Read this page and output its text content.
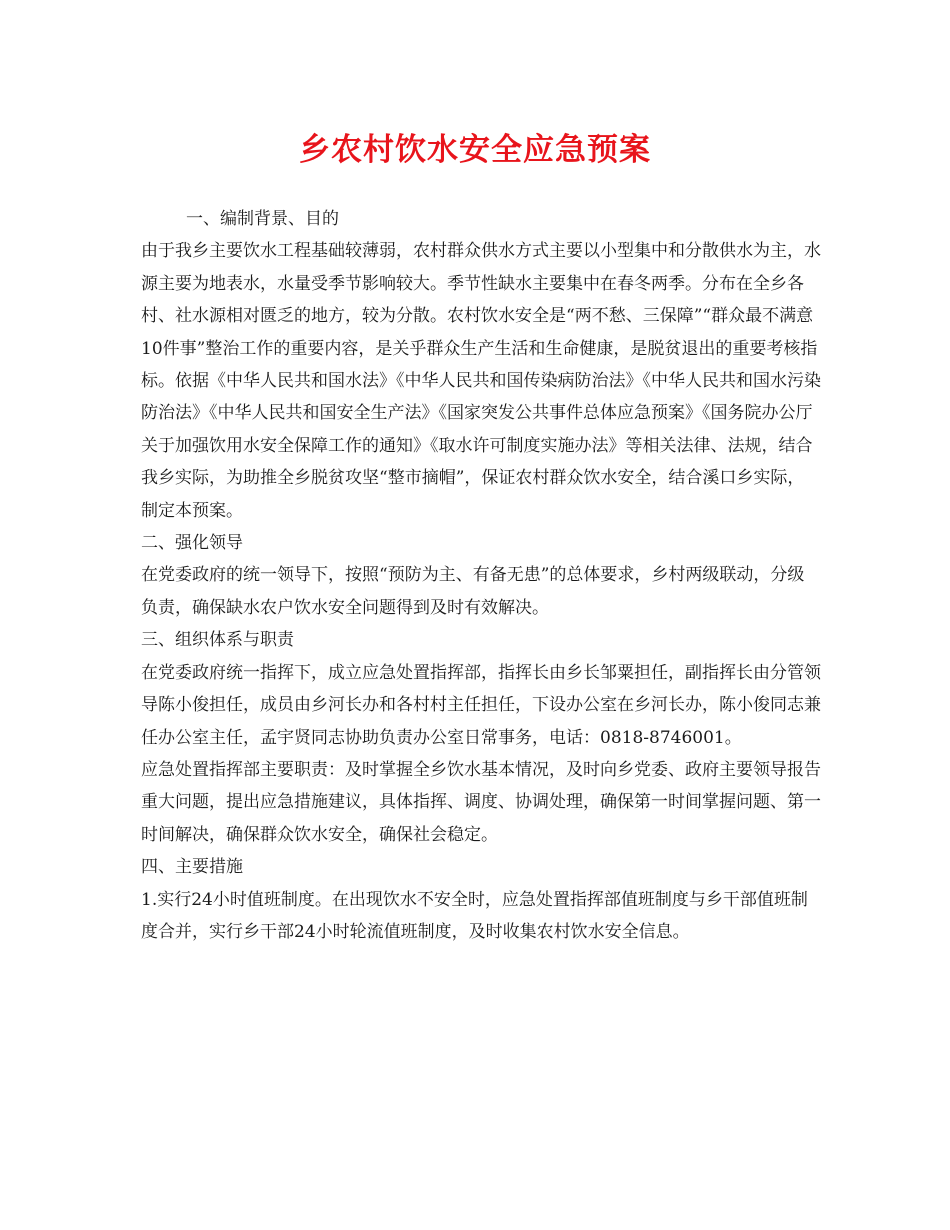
乡农村饮水安全应急预案

一、编制背景、目的

由于我乡主要饮水工程基础较薄弱，农村群众供水方式主要以小型集中和分散供水为主，水源主要为地表水，水量受季节影响较大。季节性缺水主要集中在春冬两季。分布在全乡各村、社水源相对匮乏的地方，较为分散。农村饮水安全是“两不愁、三保障”“群众最不满意10件事”整治工作的重要内容，是关乎群众生产生活和生命健康，是脱贫退出的重要考核指标。依据《中华人民共和国水法》《中华人民共和国传染病防治法》《中华人民共和国水污染防治法》《中华人民共和国安全生产法》《国家突发公共事件总体应急预案》《国务院办公厅关于加强饮用水安全保障工作的通知》《取水许可制度实施办法》等相关法律、法规，结合我乡实际，为助推全乡脱贫攻坚“整市摘帽”，保证农村群众饮水安全，结合溪口乡实际，制定本预案。

二、强化领导

在党委政府的统一领导下，按照“预防为主、有备无患”的总体要求，乡村两级联动，分级负责，确保缺水农户饮水安全问题得到及时有效解决。

三、组织体系与职责

在党委政府统一指挥下，成立应急处置指挥部，指挥长由乡长邹粟担任，副指挥长由分管领导陈小俊担任，成员由乡河长办和各村村主任担任，下设办公室在乡河长办，陈小俊同志兼任办公室主任，孟宇贤同志协助负责办公室日常事务，电话：0818-8746001。

应急处置指挥部主要职责：及时掌握全乡饮水基本情况，及时向乡党委、政府主要领导报告重大问题，提出应急措施建议，具体指挥、调度、协调处理，确保第一时间掌握问题、第一时间解决，确保群众饮水安全，确保社会稳定。

四、主要措施

1.实行24小时值班制度。在出现饮水不安全时，应急处置指挥部值班制度与乡干部值班制度合并，实行乡干部24小时轮流值班制度，及时收集农村饮水安全信息。
